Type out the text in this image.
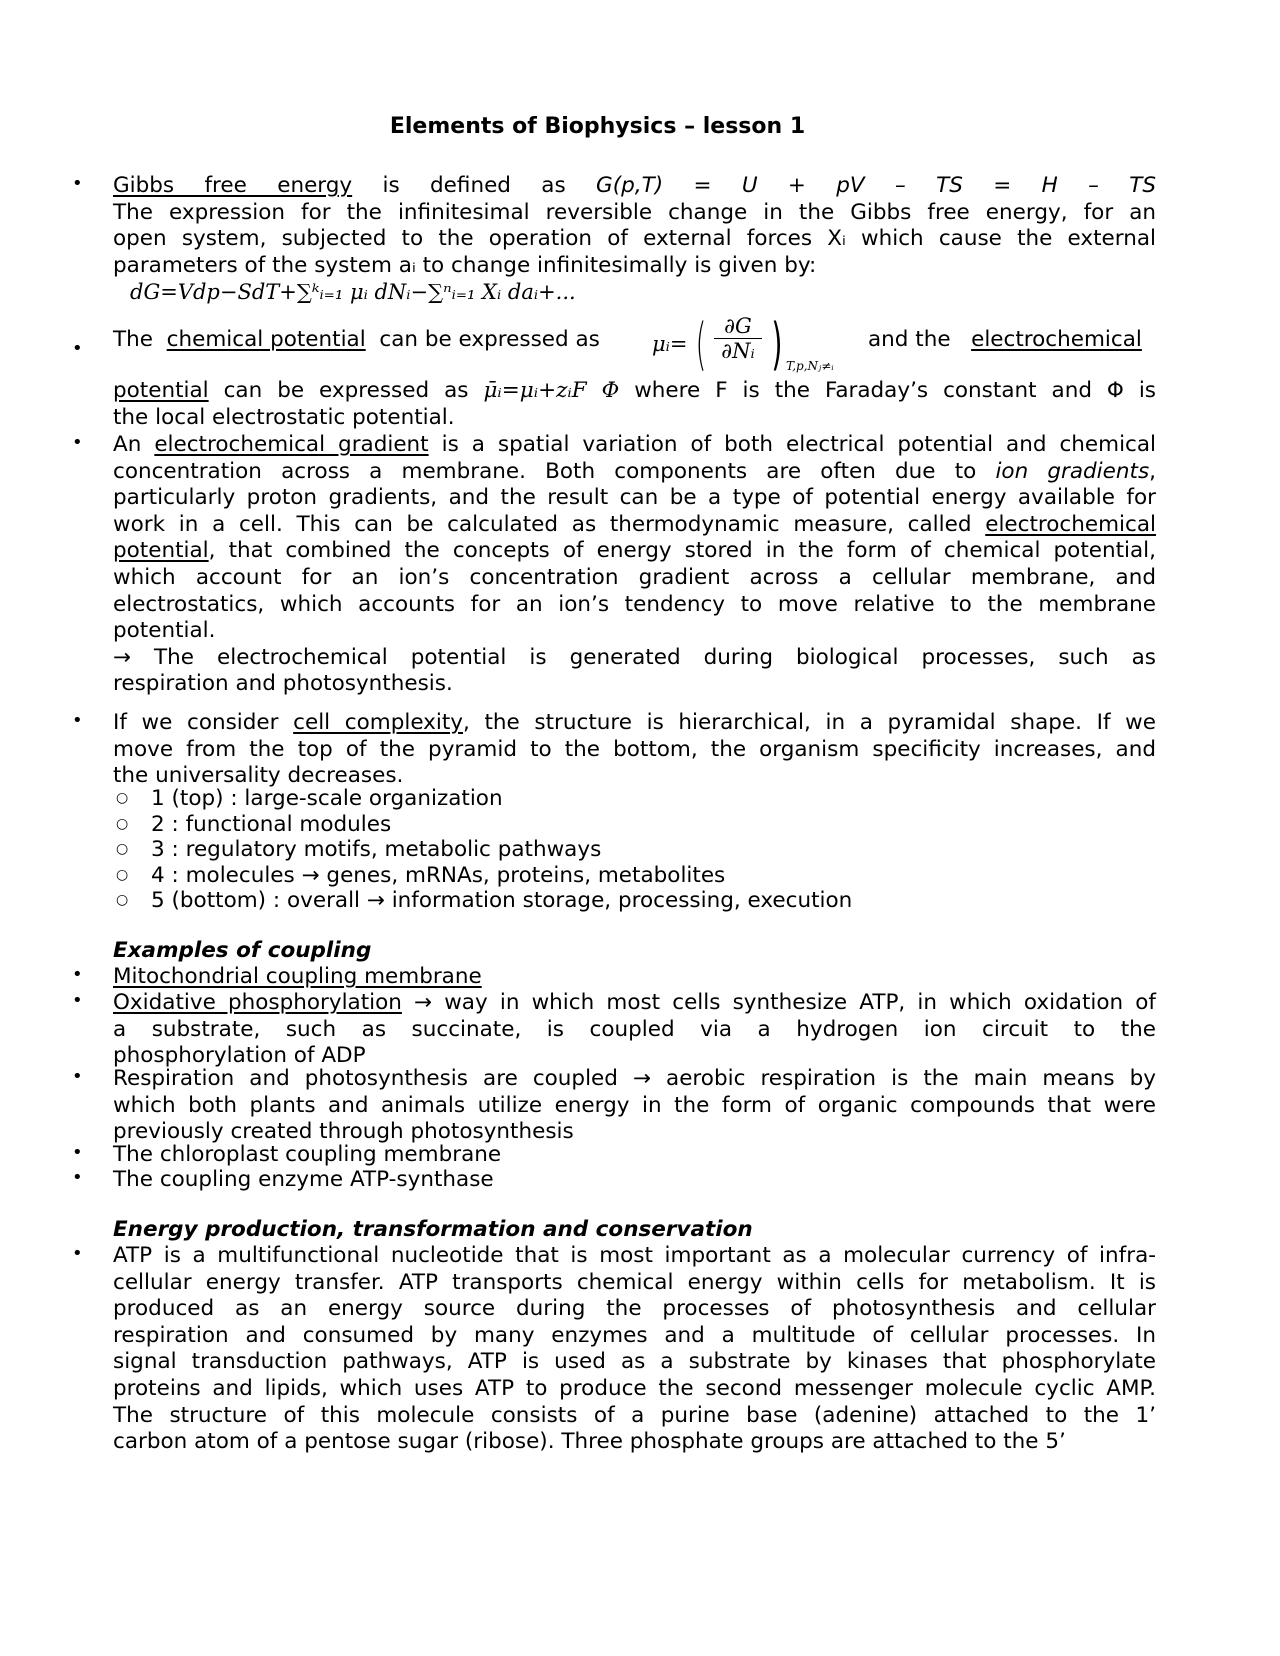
Elements of Biophysics – lesson 1
• Gibbs free energy is defined as G(p,T) = U + pV – TS = H – TS
The expression for the infinitesimal reversible change in the Gibbs free energy, for an
open system, subjected to the operation of external forces Xᵢ which cause the external
parameters of the system aᵢ to change infinitesimally is given by:
dG=Vdp−SdT+∑ᵏᵢ₌₁ μᵢ dNᵢ−∑ⁿᵢ₌₁ Xᵢ daᵢ+...
• The chemical potential can be expressed as μᵢ= ( ∂G
∂Nᵢ ) T,p,Nⱼ≠ᵢ
and the electrochemical
potential can be expressed as μ̄ᵢ=μᵢ+zᵢF Φ where F is the Faraday’s constant and Φ is
the local electrostatic potential.
• An electrochemical gradient is a spatial variation of both electrical potential and chemical
concentration across a membrane. Both components are often due to ion gradients,
particularly proton gradients, and the result can be a type of potential energy available for
work in a cell. This can be calculated as thermodynamic measure, called electrochemical
potential, that combined the concepts of energy stored in the form of chemical potential,
which account for an ion’s concentration gradient across a cellular membrane, and
electrostatics, which accounts for an ion’s tendency to move relative to the membrane
potential.
→ The electrochemical potential is generated during biological processes, such as
respiration and photosynthesis.
• If we consider cell complexity, the structure is hierarchical, in a pyramidal shape. If we
move from the top of the pyramid to the bottom, the organism specificity increases, and
the universality decreases.
○ 1 (top) : large-scale organization
○ 2 : functional modules
○ 3 : regulatory motifs, metabolic pathways
○ 4 : molecules → genes, mRNAs, proteins, metabolites
○ 5 (bottom) : overall → information storage, processing, execution
Examples of coupling
• Mitochondrial coupling membrane
• Oxidative phosphorylation → way in which most cells synthesize ATP, in which oxidation of
a substrate, such as succinate, is coupled via a hydrogen ion circuit to the
phosphorylation of ADP
• Respiration and photosynthesis are coupled → aerobic respiration is the main means by
which both plants and animals utilize energy in the form of organic compounds that were
previously created through photosynthesis
• The chloroplast coupling membrane
• The coupling enzyme ATP-synthase
Energy production, transformation and conservation
• ATP is a multifunctional nucleotide that is most important as a molecular currency of infra-
cellular energy transfer. ATP transports chemical energy within cells for metabolism. It is
produced as an energy source during the processes of photosynthesis and cellular
respiration and consumed by many enzymes and a multitude of cellular processes. In
signal transduction pathways, ATP is used as a substrate by kinases that phosphorylate
proteins and lipids, which uses ATP to produce the second messenger molecule cyclic AMP.
The structure of this molecule consists of a purine base (adenine) attached to the 1’
carbon atom of a pentose sugar (ribose). Three phosphate groups are attached to the 5’
